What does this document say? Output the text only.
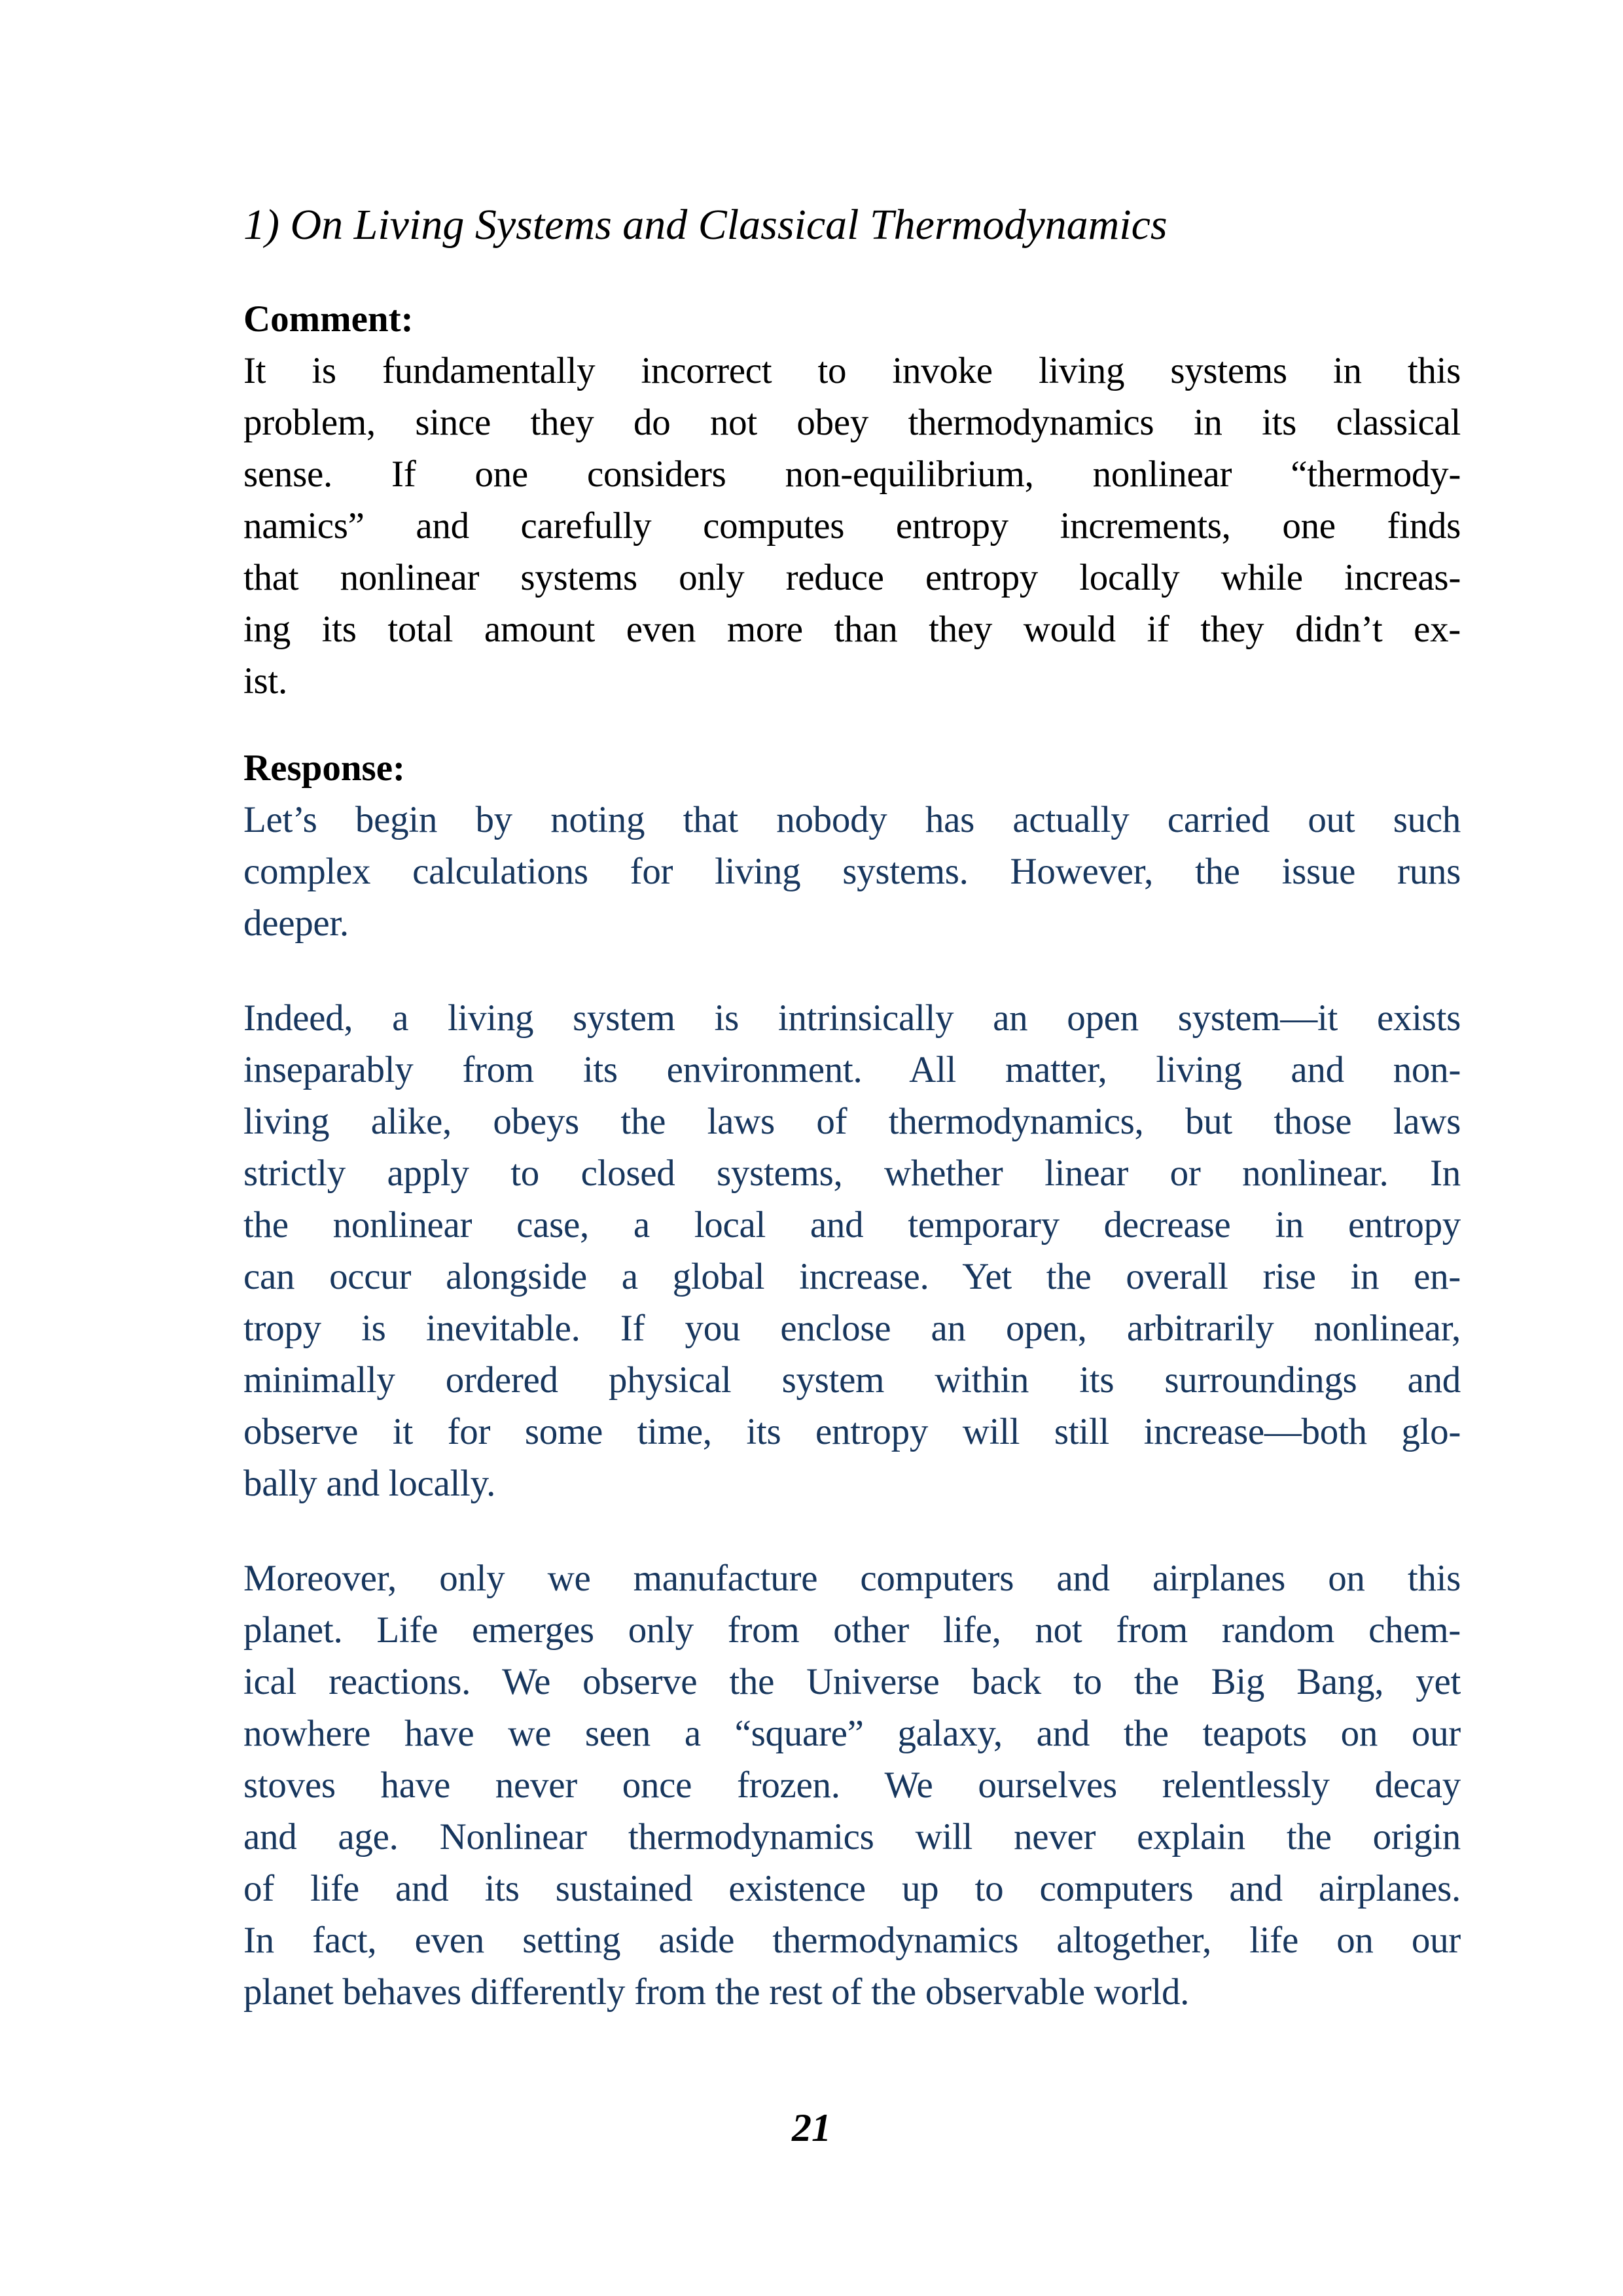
1) On Living Systems and Classical Thermodynamics
Comment:
It is fundamentally incorrect to invoke living systems in this
problem, since they do not obey thermodynamics in its classical
sense. If one considers non-equilibrium, nonlinear “thermody-
namics” and carefully computes entropy increments, one finds
that nonlinear systems only reduce entropy locally while increas-
ing its total amount even more than they would if they didn’t ex-
ist.
Response:
Let’s begin by noting that nobody has actually carried out such
complex calculations for living systems. However, the issue runs
deeper.
Indeed, a living system is intrinsically an open system—it exists
inseparably from its environment. All matter, living and non-
living alike, obeys the laws of thermodynamics, but those laws
strictly apply to closed systems, whether linear or nonlinear. In
the nonlinear case, a local and temporary decrease in entropy
can occur alongside a global increase. Yet the overall rise in en-
tropy is inevitable. If you enclose an open, arbitrarily nonlinear,
minimally ordered physical system within its surroundings and
observe it for some time, its entropy will still increase—both glo-
bally and locally.
Moreover, only we manufacture computers and airplanes on this
planet. Life emerges only from other life, not from random chem-
ical reactions. We observe the Universe back to the Big Bang, yet
nowhere have we seen a “square” galaxy, and the teapots on our
stoves have never once frozen. We ourselves relentlessly decay
and age. Nonlinear thermodynamics will never explain the origin
of life and its sustained existence up to computers and airplanes.
In fact, even setting aside thermodynamics altogether, life on our
planet behaves differently from the rest of the observable world.
21
